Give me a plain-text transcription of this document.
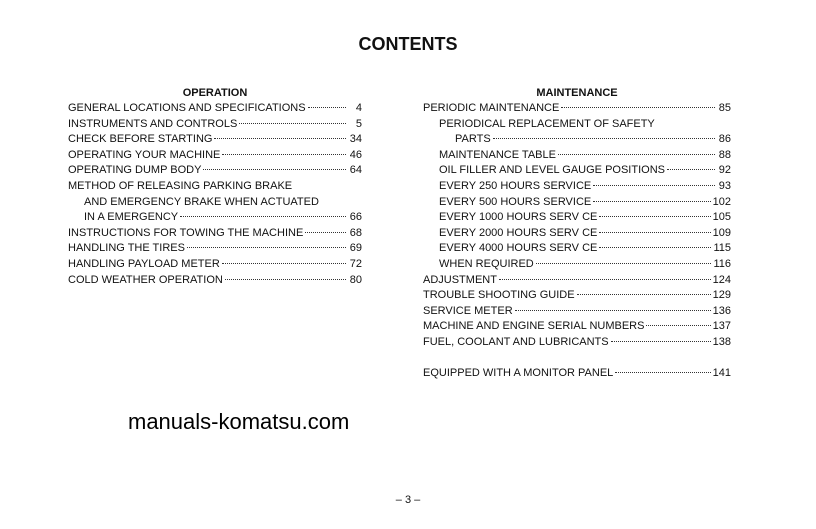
CONTENTS
OPERATION
GENERAL LOCATIONS AND SPECIFICATIONS	4
INSTRUMENTS AND CONTROLS	5
CHECK BEFORE STARTING	34
OPERATING YOUR MACHINE	46
OPERATING DUMP BODY	64
METHOD OF RELEASING PARKING BRAKE
AND EMERGENCY BRAKE WHEN ACTUATED
IN A EMERGENCY	66
INSTRUCTIONS FOR TOWING THE MACHINE	68
HANDLING THE TIRES	69
HANDLING PAYLOAD METER	72
COLD WEATHER OPERATION	80
MAINTENANCE
PERIODIC MAINTENANCE	85
PERIODICAL REPLACEMENT OF SAFETY
PARTS	86
MAINTENANCE TABLE	88
OIL FILLER AND LEVEL GAUGE POSITIONS	92
EVERY 250 HOURS SERVICE	93
EVERY 500 HOURS SERVICE	102
EVERY 1000 HOURS SERV CE	105
EVERY 2000 HOURS SERV CE	109
EVERY 4000 HOURS SERV CE	115
WHEN REQUIRED	116
ADJUSTMENT	124
TROUBLE SHOOTING GUIDE	129
SERVICE METER	136
MACHINE AND ENGINE SERIAL NUMBERS	137
FUEL, COOLANT AND LUBRICANTS	138
EQUIPPED WITH A MONITOR PANEL	141
manuals-komatsu.com
– 3 –
